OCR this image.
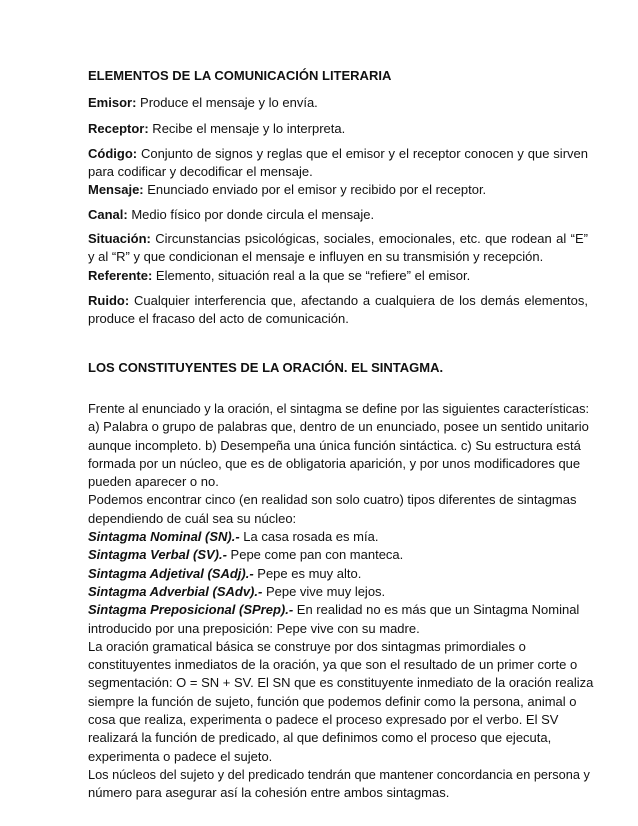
ELEMENTOS DE LA COMUNICACIÓN LITERARIA
Emisor: Produce el mensaje y lo envía.
Receptor: Recibe el mensaje y lo interpreta.
Código: Conjunto de signos y reglas que el emisor y el receptor conocen y que sirven para codificar y decodificar el mensaje.
Mensaje: Enunciado enviado por el emisor y recibido por el receptor.
Canal: Medio físico por donde circula el mensaje.
Situación: Circunstancias psicológicas, sociales, emocionales, etc. que rodean al “E” y al “R” y que condicionan el mensaje e influyen en su transmisión y recepción.
Referente: Elemento, situación real a la que se “refiere” el emisor.
Ruido: Cualquier interferencia que, afectando a cualquiera de los demás elementos, produce el fracaso del acto de comunicación.
LOS CONSTITUYENTES DE LA ORACIÓN. EL SINTAGMA.
Frente al enunciado y la oración, el sintagma se define por las siguientes características:
a) Palabra o grupo de palabras que, dentro de un enunciado, posee un sentido unitario
aunque incompleto. b) Desempeña una única función sintáctica. c) Su estructura está
formada por un núcleo, que es de obligatoria aparición, y por unos modificadores que
pueden aparecer o no.
Podemos encontrar cinco (en realidad son solo cuatro) tipos diferentes de sintagmas
dependiendo de cuál sea su núcleo:
Sintagma Nominal (SN).- La casa rosada es mía.
Sintagma Verbal (SV).- Pepe come pan con manteca.
Sintagma Adjetival (SAdj).- Pepe es muy alto.
Sintagma Adverbial (SAdv).- Pepe vive muy lejos.
Sintagma Preposicional (SPrep).- En realidad no es más que un Sintagma Nominal
introducido por una preposición: Pepe vive con su madre.
La oración gramatical básica se construye por dos sintagmas primordiales o
constituyentes inmediatos de la oración, ya que son el resultado de un primer corte o
segmentación: O = SN + SV. El SN que es constituyente inmediato de la oración realiza
siempre la función de sujeto, función que podemos definir como la persona, animal o
cosa que realiza, experimenta o padece el proceso expresado por el verbo. El SV
realizará la función de predicado, al que definimos como el proceso que ejecuta,
experimenta o padece el sujeto.
Los núcleos del sujeto y del predicado tendrán que mantener concordancia en persona y
número para asegurar así la cohesión entre ambos sintagmas.
